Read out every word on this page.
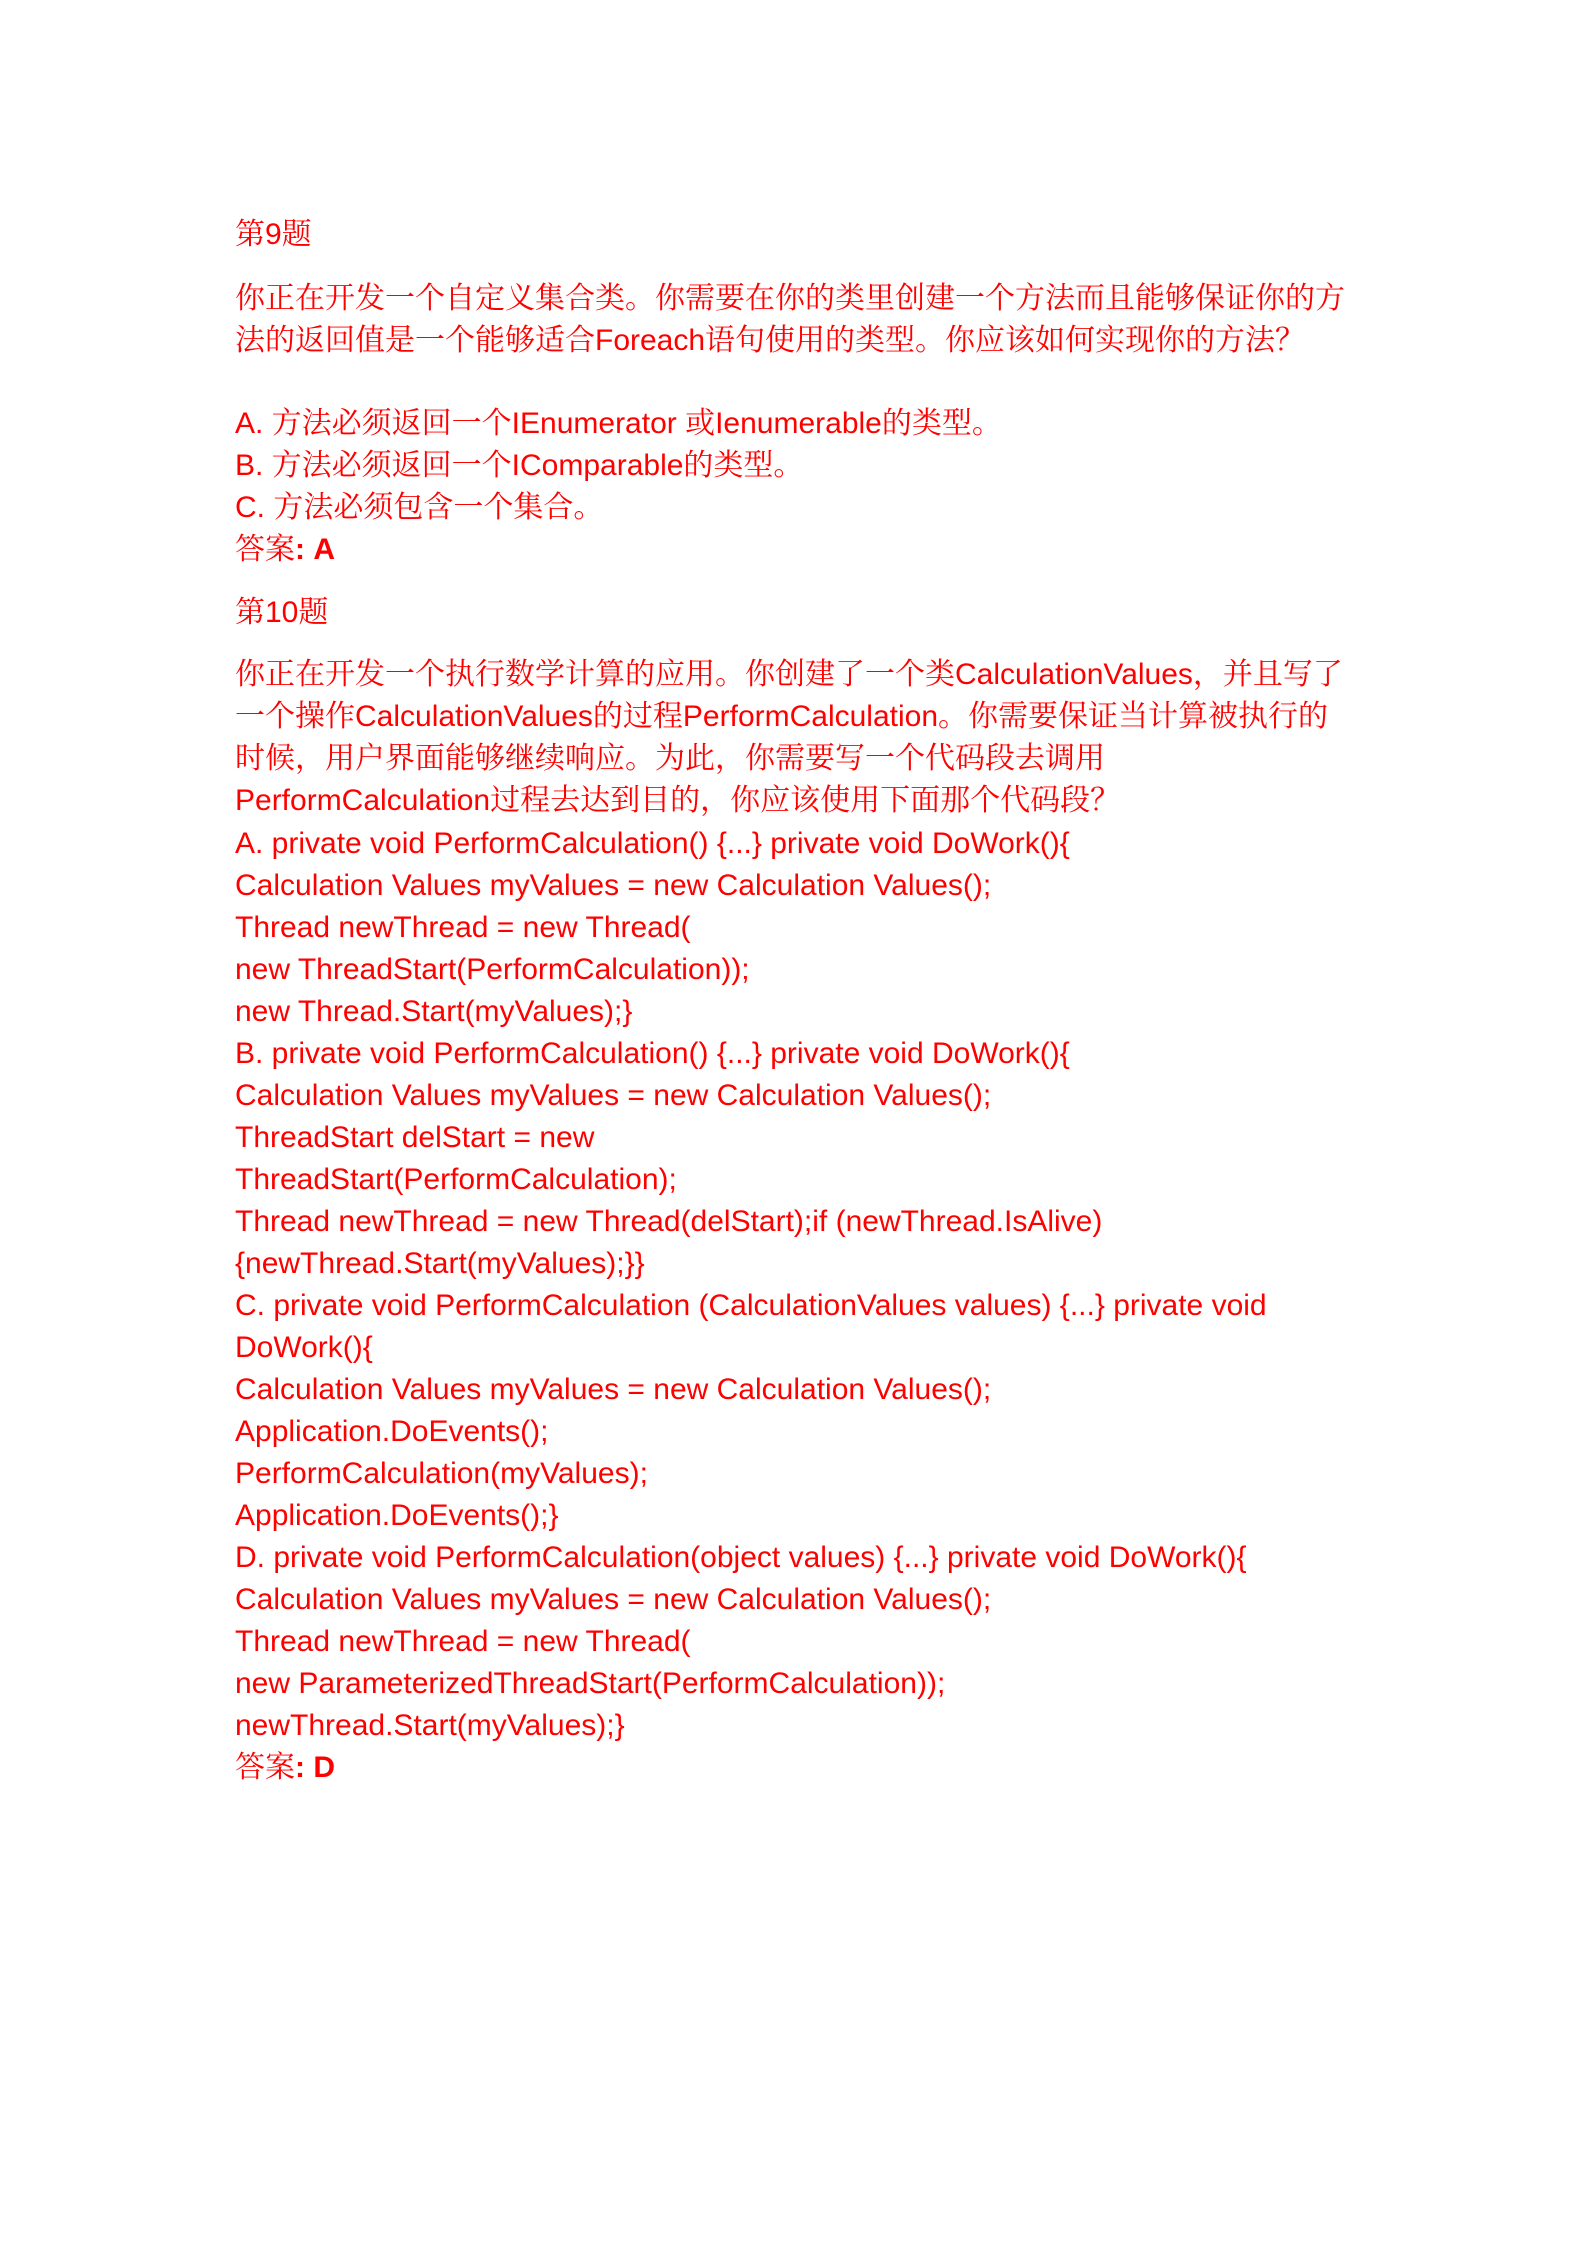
第9题
你正在开发一个自定义集合类。你需要在你的类里创建一个方法而且能够保证你的方法的返回值是一个能够适合Foreach语句使用的类型。你应该如何实现你的方法？
A. 方法必须返回一个IEnumerator 或Ienumerable的类型。
B. 方法必须返回一个IComparable的类型。
C. 方法必须包含一个集合。
答案: A
第10题
你正在开发一个执行数学计算的应用。你创建了一个类CalculationValues，并且写了一个操作CalculationValues的过程PerformCalculation。你需要保证当计算被执行的时候，用户界面能够继续响应。为此，你需要写一个代码段去调用PerformCalculation过程去达到目的，你应该使用下面那个代码段？
A. private void PerformCalculation() {...} private void DoWork(){
Calculation Values myValues = new Calculation Values();
Thread newThread = new Thread(
new ThreadStart(PerformCalculation));
new Thread.Start(myValues);}
B. private void PerformCalculation() {...} private void DoWork(){
Calculation Values myValues = new Calculation Values();
ThreadStart delStart = new
ThreadStart(PerformCalculation);
Thread newThread = new Thread(delStart);if (newThread.IsAlive)
{newThread.Start(myValues);}}
C. private void PerformCalculation (CalculationValues values) {...} private void
DoWork(){
Calculation Values myValues = new Calculation Values();
Application.DoEvents();
PerformCalculation(myValues);
Application.DoEvents();}
D. private void PerformCalculation(object values) {...} private void DoWork(){
Calculation Values myValues = new Calculation Values();
Thread newThread = new Thread(
new ParameterizedThreadStart(PerformCalculation));
newThread.Start(myValues);}
答案: D
